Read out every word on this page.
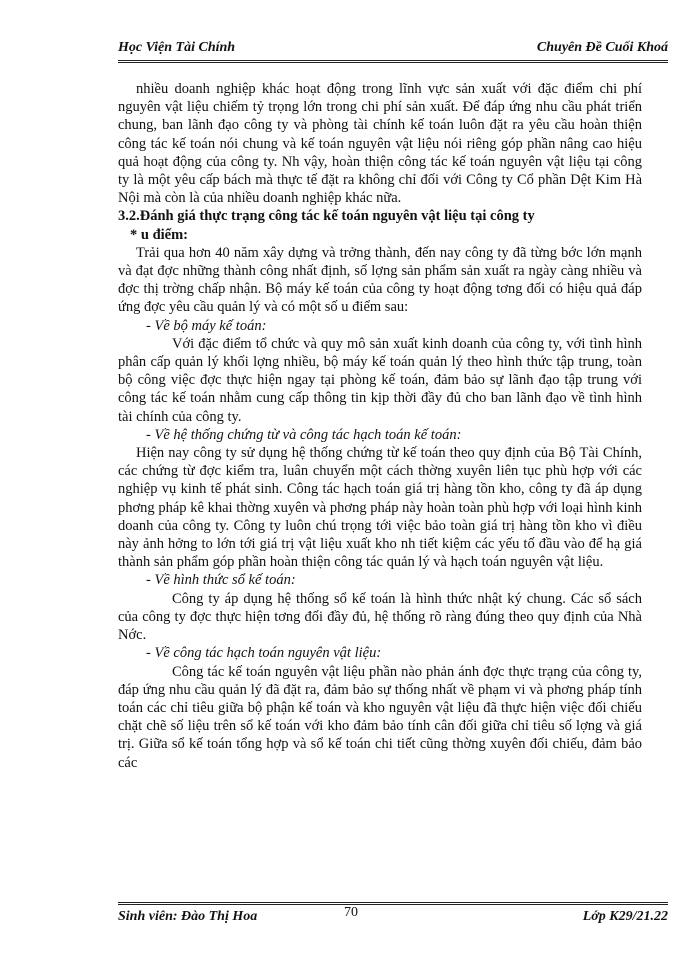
Học Viện Tài Chính	Chuyên Đề Cuối Khoá

nhiều doanh nghiệp khác hoạt động trong lĩnh vực sản xuất với đặc điểm chi phí nguyên vật liệu chiếm tỷ trọng lớn trong chi phí sản xuất. Để đáp ứng nhu cầu phát triển chung, ban lãnh đạo công ty và phòng tài chính kế toán luôn đặt ra yêu cầu hoàn thiện công tác kế toán nói chung và kế toán nguyên vật liệu nói riêng góp phần nâng cao hiệu quả hoạt động của công ty. Nh vậy, hoàn thiện công tác kế toán nguyên vật liệu tại công ty là một yêu cấp bách mà thực tế đặt ra không chỉ đối với Công ty Cổ phần Dệt Kim Hà Nội mà còn là của nhiều doanh nghiệp khác nữa.

3.2.Đánh giá thực trạng công tác kế toán nguyên vật liệu tại công ty

* u điểm:

Trải qua hơn 40 năm xây dựng và trởng thành, đến nay công ty đã từng bớc lớn mạnh và đạt đợc những thành công nhất định, số lợng sản phẩm sản xuất ra ngày càng nhiều và đợc thị trờng chấp nhận. Bộ máy kế toán của công ty hoạt động tơng đối có hiệu quả đáp ứng đợc yêu cầu quản lý và có một số u điểm sau:

- Về bộ máy kế toán:

Với đặc điểm tổ chức và quy mô sản xuất kinh doanh của công ty, với tình hình phân cấp quản lý khối lợng nhiều, bộ máy kế toán quản lý theo hình thức tập trung, toàn bộ công việc đợc thực hiện ngay tại phòng kế toán, đảm bảo sự lãnh đạo tập trung với công tác kế toán nhằm cung cấp thông tin kịp thời đầy đủ cho ban lãnh đạo về tình hình tài chính của công ty.

- Về hệ thống chứng từ và công tác hạch toán kế toán:

Hiện nay công ty sử dụng hệ thống chứng từ kế toán theo quy định của Bộ Tài Chính, các chứng từ đợc kiểm tra, luân chuyển một cách thờng xuyên liên tục phù hợp với các nghiệp vụ kinh tế phát sinh. Công tác hạch toán giá trị hàng tồn kho, công ty đã áp dụng phơng pháp kê khai thờng xuyên và phơng pháp này hoàn toàn phù hợp với loại hình kinh doanh của công ty. Công ty luôn chú trọng tới việc bảo toàn giá trị hàng tồn kho vì điều này ảnh hởng to lớn tới giá trị vật liệu xuất kho nh tiết kiệm các yếu tố đầu vào để hạ giá thành sản phẩm góp phần hoàn thiện công tác quản lý và hạch toán nguyên vật liệu.

- Về hình thức sổ kế toán:

Công ty áp dụng hệ thống sổ kế toán là hình thức nhật ký chung. Các sổ sách của công ty đợc thực hiện tơng đối đầy đủ, hệ thống rõ ràng đúng theo quy định của Nhà Nớc.

- Về công tác hạch toán nguyên vật liệu:

Công tác kế toán nguyên vật liệu phần nào phản ánh đợc thực trạng của công ty, đáp ứng nhu cầu quản lý đã đặt ra, đảm bảo sự thống nhất về phạm vi và phơng pháp tính toán các chỉ tiêu giữa bộ phận kế toán và kho nguyên vật liệu đã thực hiện việc đối chiếu chặt chẽ số liệu trên sổ kế toán với kho đảm bảo tính cân đối giữa chỉ tiêu số lợng và giá trị. Giữa sổ kế toán tổng hợp và sổ kế toán chi tiết cũng thờng xuyên đối chiếu, đảm bảo các

Sinh viên: Đào Thị Hoa	70	Lớp K29/21.22
